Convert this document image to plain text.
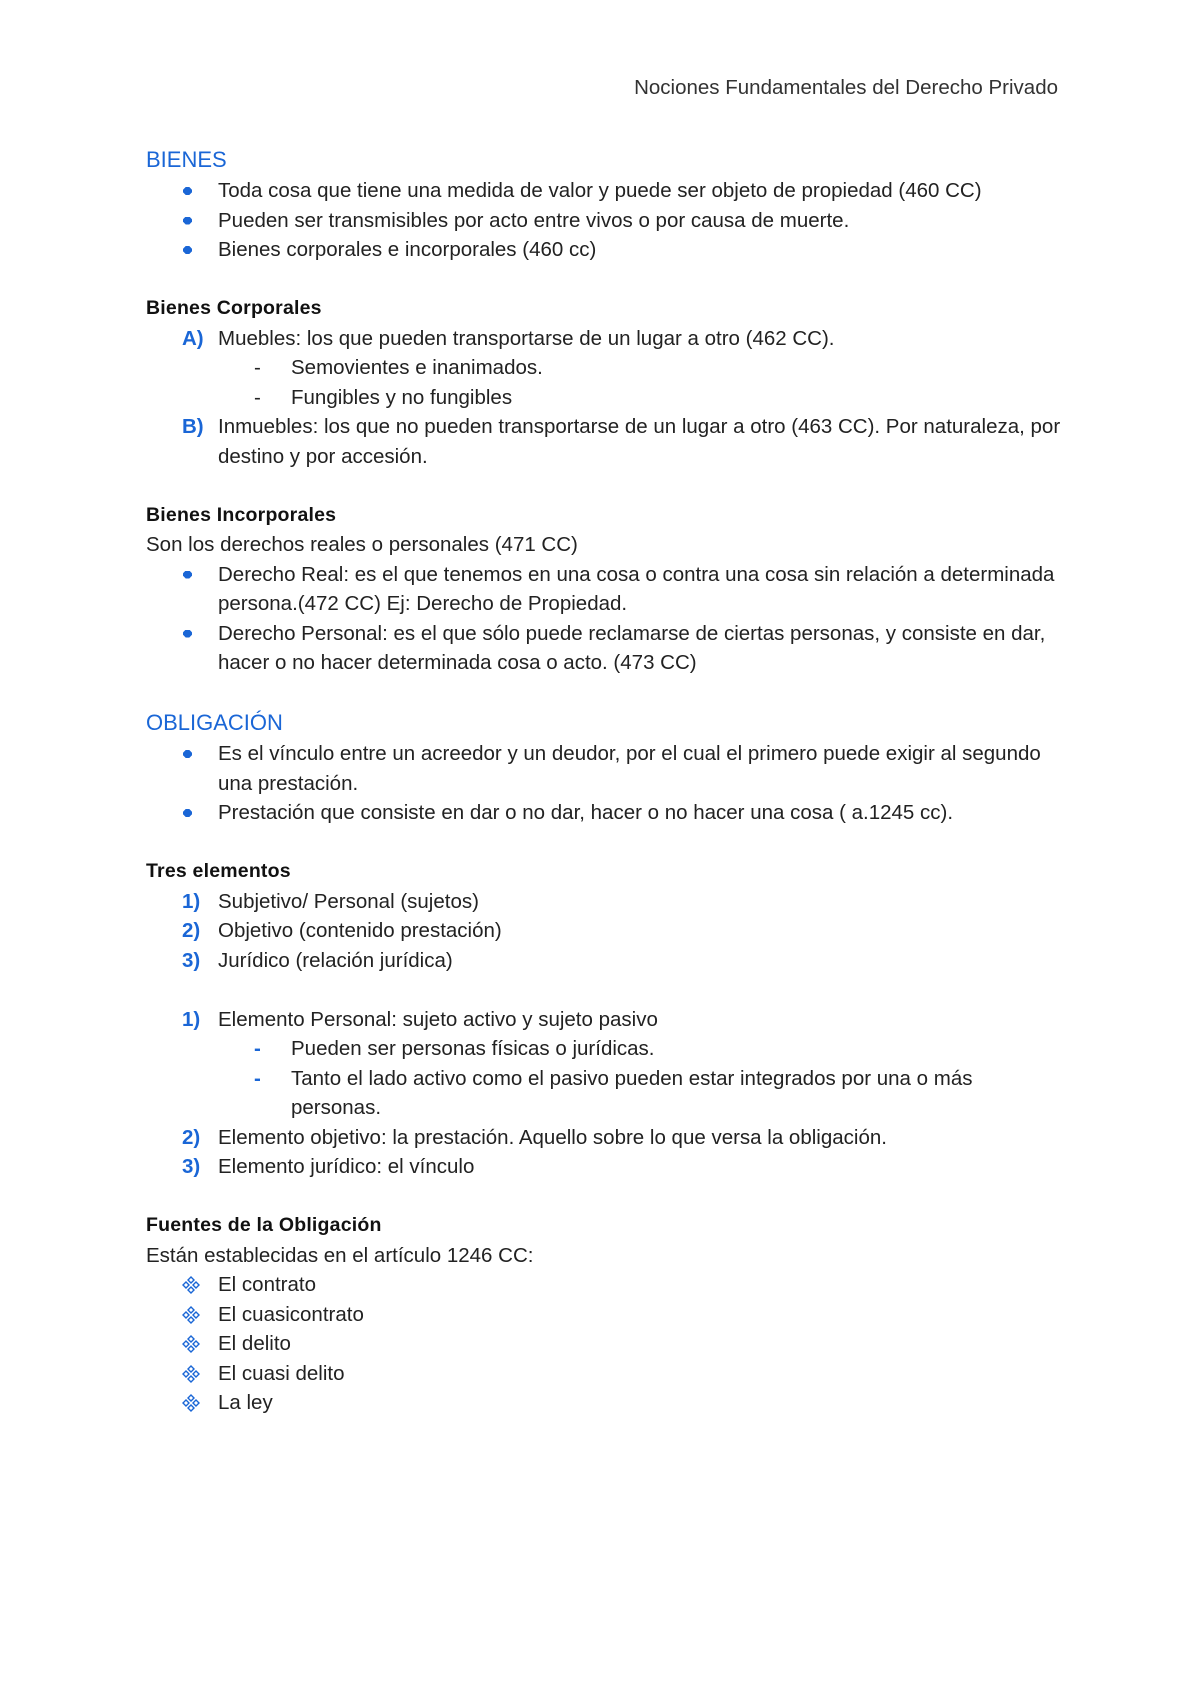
Nociones Fundamentales del Derecho Privado
BIENES
Toda cosa que tiene una medida de valor y puede ser objeto de propiedad (460 CC)
Pueden ser transmisibles por acto entre vivos o por causa de muerte.
Bienes corporales e incorporales (460 cc)
Bienes Corporales
A) Muebles: los que pueden transportarse de un lugar a otro (462 CC).
- Semovientes e inanimados.
- Fungibles y no fungibles
B) Inmuebles: los que no pueden transportarse de un lugar a otro (463 CC). Por naturaleza, por destino y por accesión.
Bienes Incorporales
Son los derechos reales o personales (471 CC)
Derecho Real: es el que tenemos en una cosa o contra una cosa sin relación a determinada persona.(472 CC) Ej: Derecho de Propiedad.
Derecho Personal: es el que sólo puede reclamarse de ciertas personas, y consiste en dar, hacer o no hacer determinada cosa o acto. (473 CC)
OBLIGACIÓN
Es el vínculo entre un acreedor y un deudor, por el cual el primero puede exigir al segundo una prestación.
Prestación que consiste en dar o no dar, hacer o no hacer una cosa ( a.1245 cc).
Tres elementos
1) Subjetivo/ Personal (sujetos)
2) Objetivo (contenido prestación)
3) Jurídico (relación jurídica)
1) Elemento Personal: sujeto activo y sujeto pasivo
- Pueden ser personas físicas o jurídicas.
- Tanto el lado activo como el pasivo pueden estar integrados por una o más personas.
2) Elemento objetivo: la prestación. Aquello sobre lo que versa la obligación.
3) Elemento jurídico: el vínculo
Fuentes de la Obligación
Están establecidas en el artículo 1246 CC:
El contrato
El cuasicontrato
El delito
El cuasi delito
La ley
